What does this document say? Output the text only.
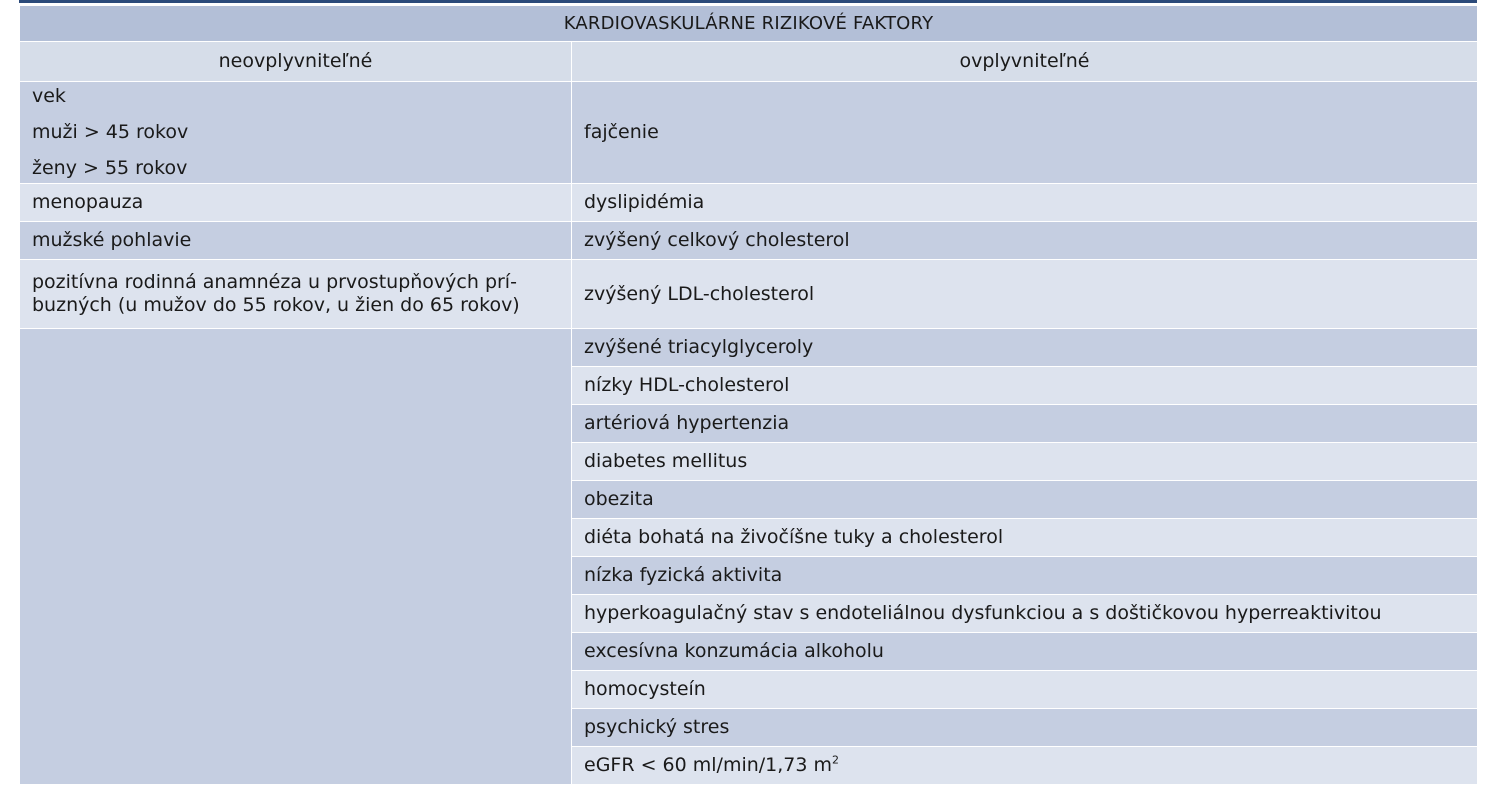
KARDIOVASKULÁRNE RIZIKOVÉ FAKTORY	
neovplyvniteľné	ovplyvniteľné

vek
muži > 45 rokov
ženy > 55 rokov	fajčenie
menopauza	dyslipidémia
mužské pohlavie	zvýšený celkový cholesterol

pozitívna rodinná anamnéza u prvostupňových prí-
buzných (u mužov do 55 rokov, u žien do 65 rokov)	zvýšený LDL-cholesterol
	zvýšené triacylglyceroly
	nízky HDL-cholesterol
	artériová hypertenzia
	diabetes mellitus
	obezita
	diéta bohatá na živočíšne tuky a cholesterol
	nízka fyzická aktivita
	hyperkoagulačný stav s endoteliálnou dysfunkciou a s doštičkovou hyperreaktivitou
	excesívna konzumácia alkoholu
	homocysteín
	psychický stres
	eGFR < 60 ml/min/1,73 $m^2$
